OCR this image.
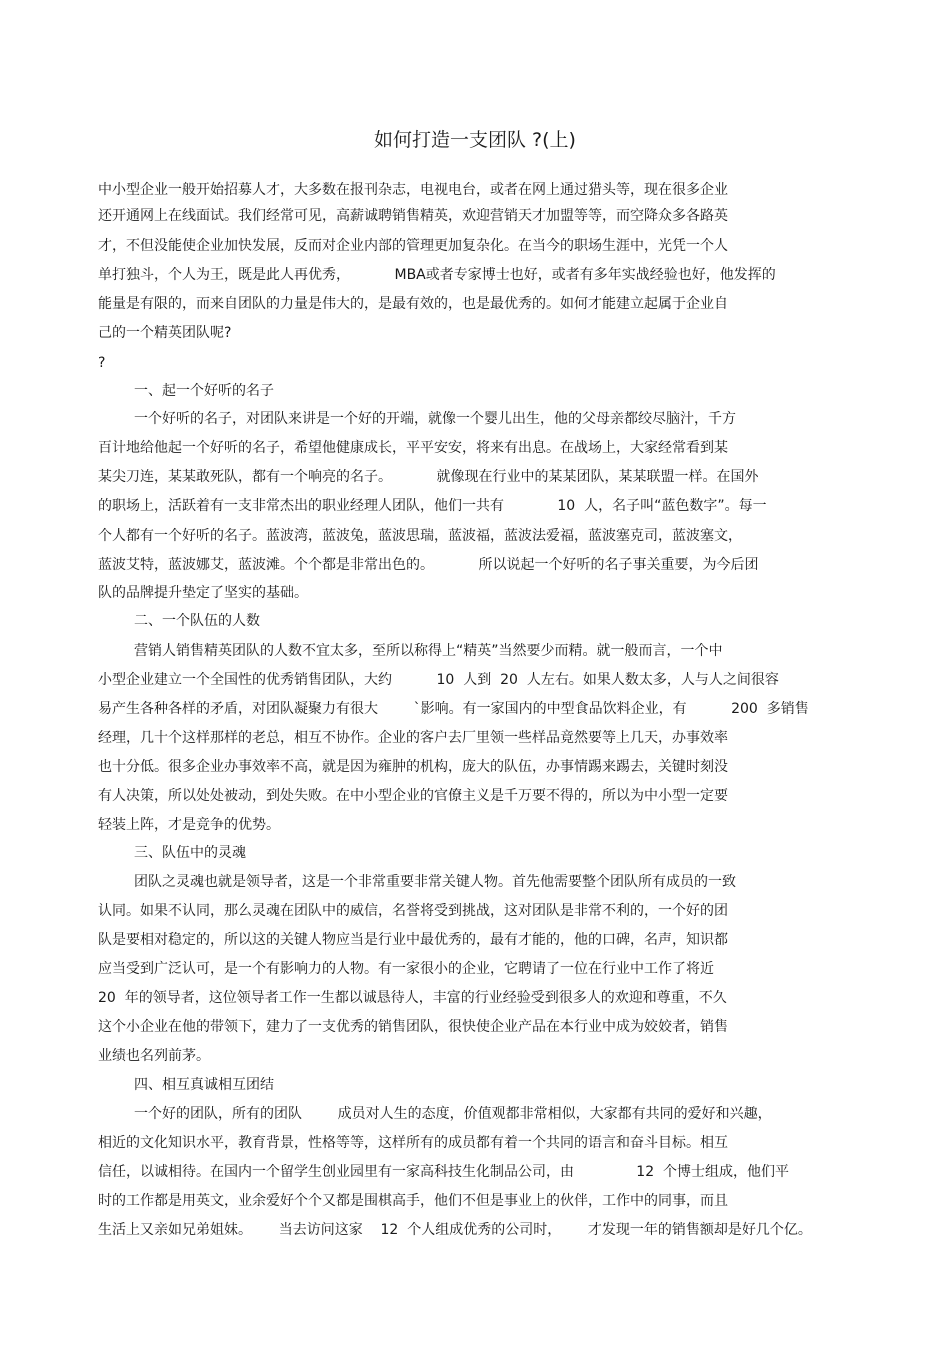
如何打造一支团队 ?(上)
中小型企业一般开始招募人才，大多数在报刊杂志，电视电台，或者在网上通过猎头等，现在很多企业
还开通网上在线面试。我们经常可见，高薪诚聘销售精英，欢迎营销天才加盟等等，而空降众多各路英
才，不但没能使企业加快发展，反而对企业内部的管理更加复杂化。在当今的职场生涯中，光凭一个人
单打独斗，个人为王，既是此人再优秀，          MBA或者专家博士也好，或者有多年实战经验也好，他发挥的
能量是有限的，而来自团队的力量是伟大的，是最有效的，也是最优秀的。如何才能建立起属于企业自
己的一个精英团队呢?
?
一、起一个好听的名子
一个好听的名子，对团队来讲是一个好的开端，就像一个婴儿出生，他的父母亲都绞尽脑汁，千方
百计地给他起一个好听的名子，希望他健康成长，平平安安，将来有出息。在战场上，大家经常看到某
某尖刀连，某某敢死队，都有一个响亮的名子。          就像现在行业中的某某团队，某某联盟一样。在国外
的职场上，活跃着有一支非常杰出的职业经理人团队，他们一共有            10  人，名子叫“蓝色数字”。每一
个人都有一个好听的名子。蓝波湾，蓝波兔，蓝波思瑞，蓝波福，蓝波法爱福，蓝波塞克司，蓝波塞文，
蓝波艾特，蓝波娜艾，蓝波滩。个个都是非常出色的。          所以说起一个好听的名子事关重要，为今后团
队的品牌提升垫定了坚实的基础。
二、一个队伍的人数
营销人销售精英团队的人数不宜太多，至所以称得上“精英”当然要少而精。就一般而言，一个中
小型企业建立一个全国性的优秀销售团队，大约          10  人到  20  人左右。如果人数太多，人与人之间很容
易产生各种各样的矛盾，对团队凝聚力有很大        `影响。有一家国内的中型食品饮料企业，有          200  多销售
经理，几十个这样那样的老总，相互不协作。企业的客户去厂里领一些样品竟然要等上几天，办事效率
也十分低。很多企业办事效率不高，就是因为雍肿的机构，庞大的队伍，办事情踢来踢去，关键时刻没
有人决策，所以处处被动，到处失败。在中小型企业的官僚主义是千万要不得的，所以为中小型一定要
轻装上阵，才是竞争的优势。
三、队伍中的灵魂
团队之灵魂也就是领导者，这是一个非常重要非常关键人物。首先他需要整个团队所有成员的一致
认同。如果不认同，那么灵魂在团队中的威信，名誉将受到挑战，这对团队是非常不利的，一个好的团
队是要相对稳定的，所以这的关键人物应当是行业中最优秀的，最有才能的，他的口碑，名声，知识都
应当受到广泛认可，是一个有影响力的人物。有一家很小的企业，它聘请了一位在行业中工作了将近
20  年的领导者，这位领导者工作一生都以诚恳待人，丰富的行业经验受到很多人的欢迎和尊重，不久
这个小企业在他的带领下，建力了一支优秀的销售团队，很快使企业产品在本行业中成为姣姣者，销售
业绩也名列前茅。
四、相互真诚相互团结
一个好的团队，所有的团队        成员对人生的态度，价值观都非常相似，大家都有共同的爱好和兴趣，
相近的文化知识水平，教育背景，性格等等，这样所有的成员都有着一个共同的语言和奋斗目标。相互
信任，以诚相待。在国内一个留学生创业园里有一家高科技生化制品公司，由              12  个博士组成，他们平
时的工作都是用英文，业余爱好个个又都是围棋高手，他们不但是事业上的伙伴，工作中的同事，而且
生活上又亲如兄弟姐妹。      当去访问这家    12  个人组成优秀的公司时，      才发现一年的销售额却是好几个亿。
